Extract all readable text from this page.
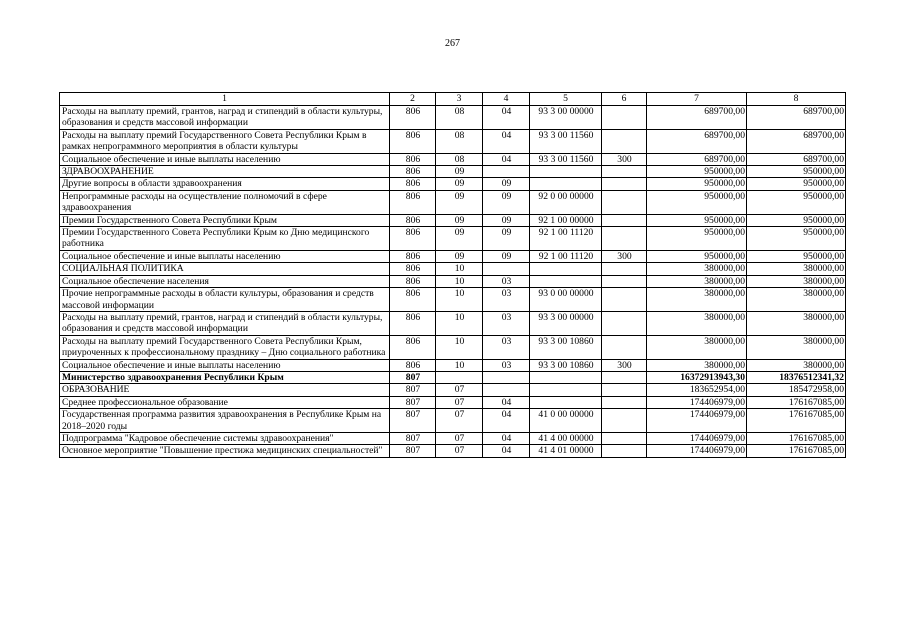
267
1	2	3	4	5	6	7	8
Расходы на выплату премий, грантов, наград и стипендий в области культуры, образования и средств массовой информации	806	08	04	93 3 00 00000		689700,00	689700,00
Расходы на выплату премий Государственного Совета Республики Крым в рамках непрограммного мероприятия в области культуры	806	08	04	93 3 00 11560		689700,00	689700,00
Социальное обеспечение и иные выплаты населению	806	08	04	93 3 00 11560	300	689700,00	689700,00
ЗДРАВООХРАНЕНИЕ	806	09				950000,00	950000,00
Другие вопросы в области здравоохранения	806	09	09			950000,00	950000,00
Непрограммные расходы на осуществление полномочий в сфере здравоохранения	806	09	09	92 0 00 00000		950000,00	950000,00
Премии Государственного Совета Республики Крым	806	09	09	92 1 00 00000		950000,00	950000,00
Премии Государственного Совета Республики Крым ко Дню медицинского работника	806	09	09	92 1 00 11120		950000,00	950000,00
Социальное обеспечение и иные выплаты населению	806	09	09	92 1 00 11120	300	950000,00	950000,00
СОЦИАЛЬНАЯ ПОЛИТИКА	806	10				380000,00	380000,00
Социальное обеспечение населения	806	10	03			380000,00	380000,00
Прочие непрограммные расходы в области культуры, образования и средств массовой информации	806	10	03	93 0 00 00000		380000,00	380000,00
Расходы на выплату премий, грантов, наград и стипендий в области культуры, образования и средств массовой информации	806	10	03	93 3 00 00000		380000,00	380000,00
Расходы на выплату премий Государственного Совета Республики Крым, приуроченных к профессиональному празднику – Дню социального работника	806	10	03	93 3 00 10860		380000,00	380000,00
Социальное обеспечение и иные выплаты населению	806	10	03	93 3 00 10860	300	380000,00	380000,00
Министерство здравоохранения Республики Крым	807					16372913943,30	18376512341,32
ОБРАЗОВАНИЕ	807	07				183652954,00	185472958,00
Среднее профессиональное образование	807	07	04			174406979,00	176167085,00
Государственная программа развития здравоохранения в Республике Крым на 2018–2020 годы	807	07	04	41 0 00 00000		174406979,00	176167085,00
Подпрограмма "Кадровое обеспечение системы здравоохранения"	807	07	04	41 4 00 00000		174406979,00	176167085,00
Основное мероприятие "Повышение престижа медицинских специальностей"	807	07	04	41 4 01 00000		174406979,00	176167085,00
